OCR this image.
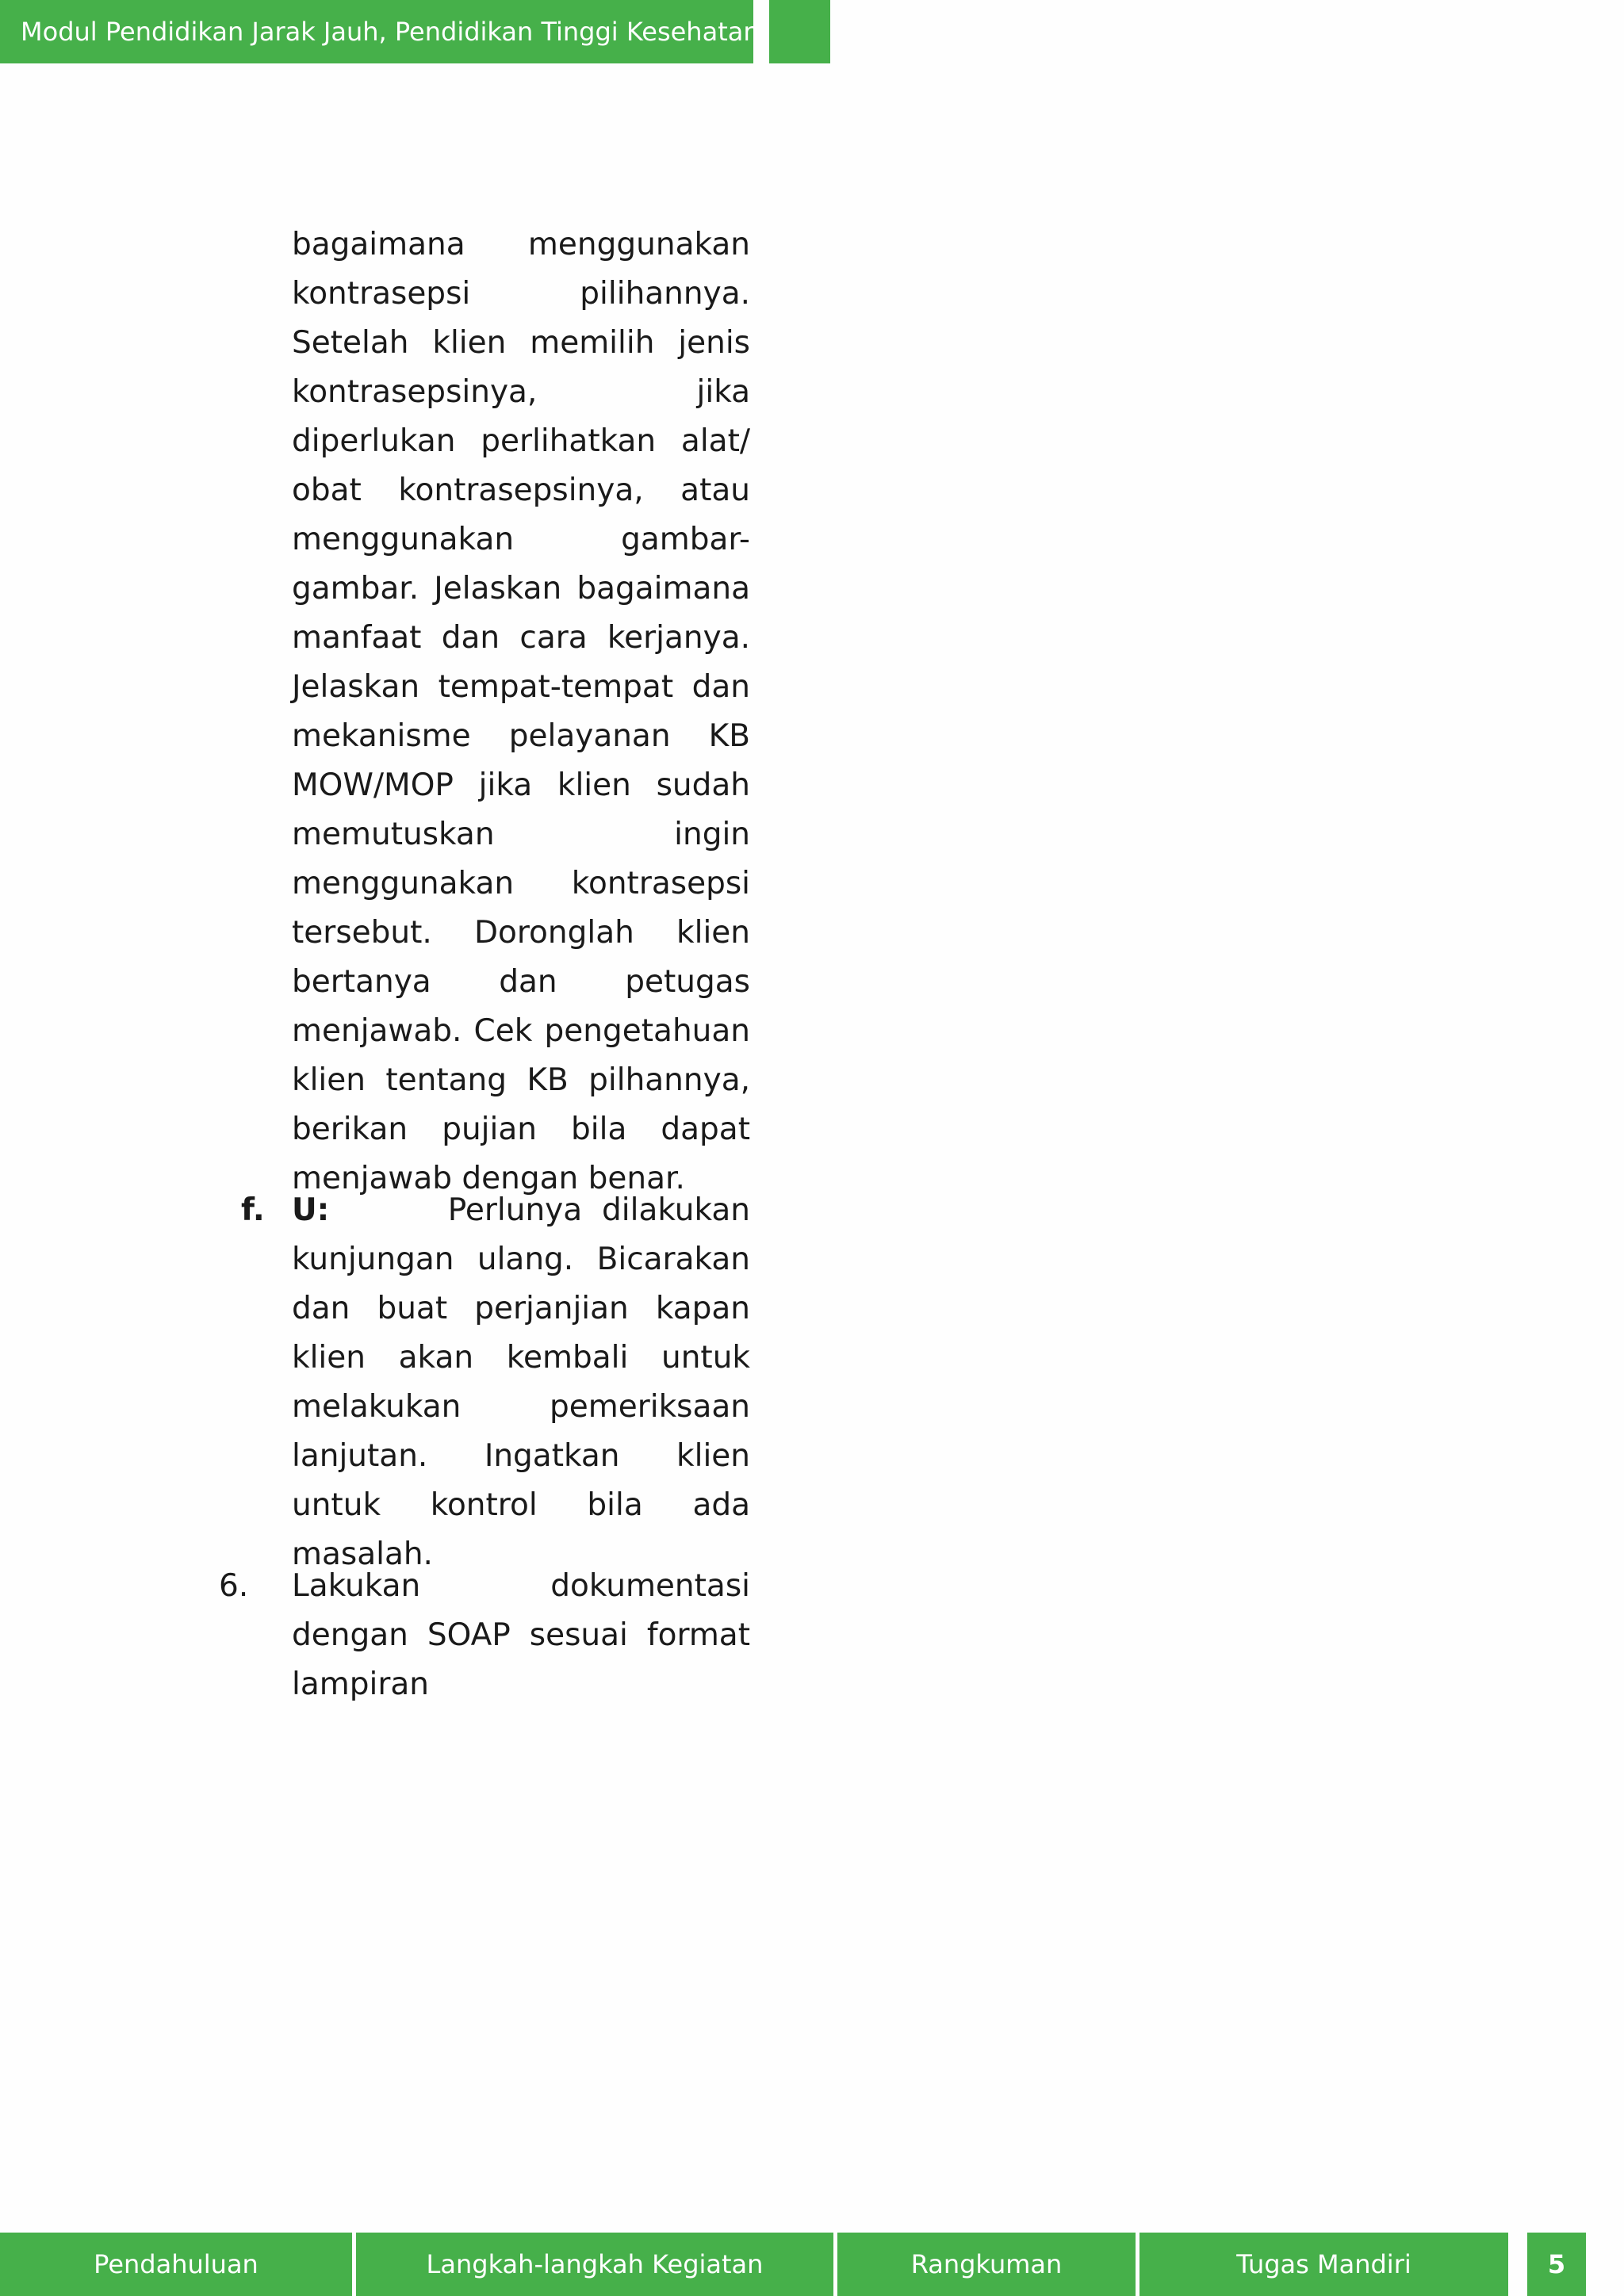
Modul Pendidikan Jarak Jauh, Pendidikan Tinggi Kesehatan

bagaimana menggunakan kontrasepsi pilihannya. Setelah klien memilih jenis kontrasepsinya, jika diperlukan perlihatkan alat/ obat kontrasepsinya, atau menggunakan gambar-gambar. Jelaskan bagaimana manfaat dan cara kerjanya. Jelaskan tempat-tempat dan mekanisme pelayanan KB MOW/MOP jika klien sudah memutuskan ingin menggunakan kontrasepsi tersebut. Doronglah klien bertanya dan petugas menjawab. Cek pengetahuan klien tentang KB pilhannya, berikan pujian bila dapat menjawab dengan benar.

f. U:	Perlunya dilakukan kunjungan ulang. Bicarakan dan buat perjanjian kapan klien akan kembali untuk melakukan pemeriksaan lanjutan. Ingatkan klien untuk kontrol bila ada masalah.

6. Lakukan dokumentasi dengan SOAP sesuai format lampiran

Pendahuluan	Langkah-langkah Kegiatan	Rangkuman	Tugas Mandiri	5
